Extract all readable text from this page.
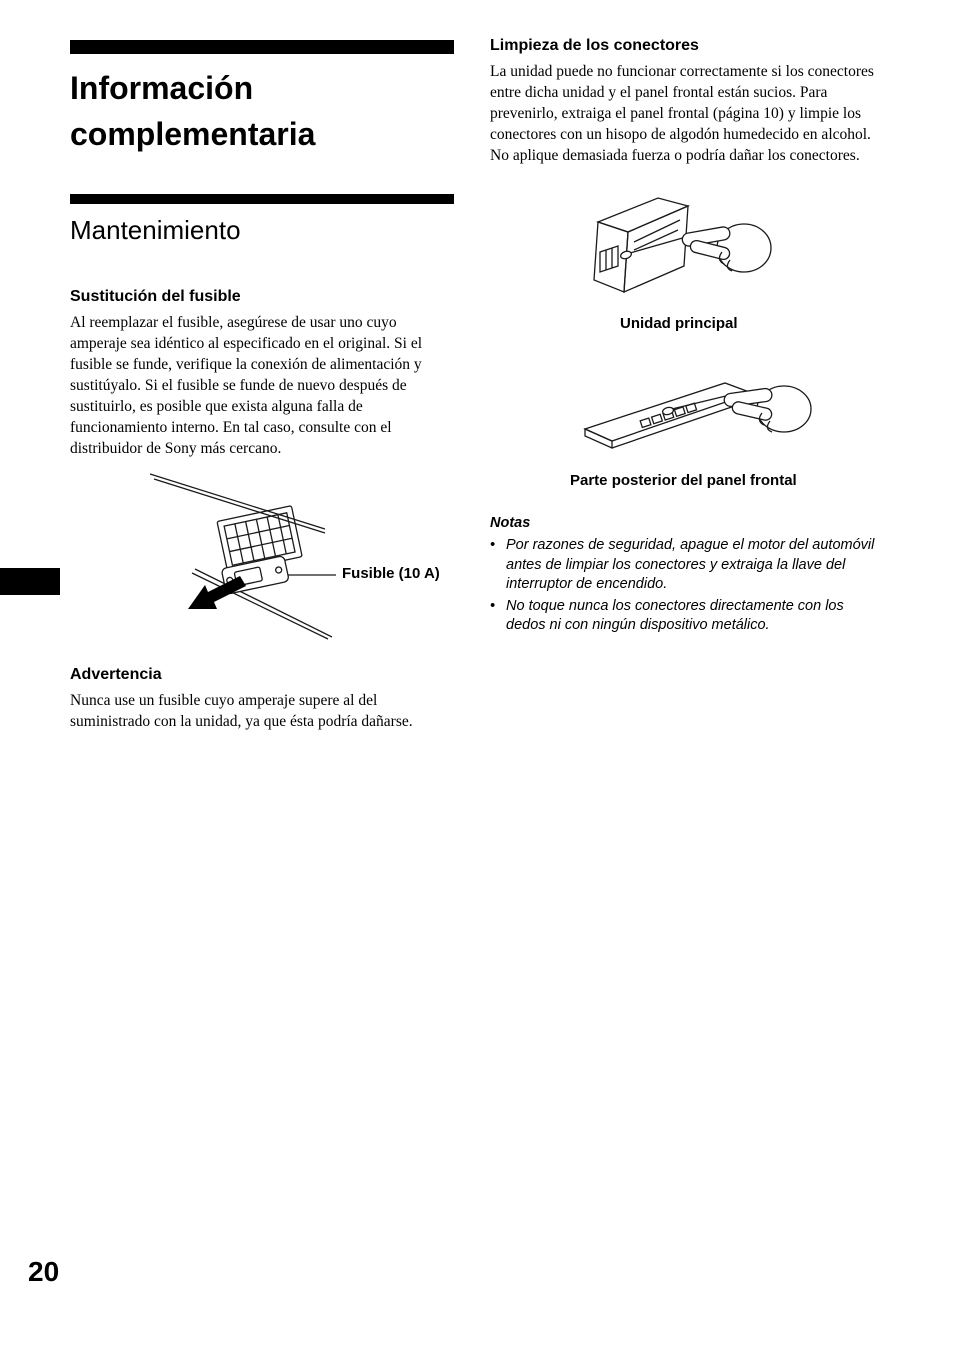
Información
complementaria
Mantenimiento
Sustitución del fusible

Al reemplazar el fusible, asegúrese de usar uno cuyo amperaje sea idéntico al especificado en el original. Si el fusible se funde, verifique la conexión de alimentación y sustitúyalo. Si el fusible se funde de nuevo después de sustituirlo, es posible que exista alguna falla de funcionamiento interno. En tal caso, consulte con el distribuidor de Sony más cercano.

Fusible (10 A)
Advertencia

Nunca use un fusible cuyo amperaje supere al del suministrado con la unidad, ya que ésta podría dañarse.

Limpieza de los conectores

La unidad puede no funcionar correctamente si los conectores entre dicha unidad y el panel frontal están sucios. Para prevenirlo, extraiga el panel frontal (página 10) y limpie los conectores con un hisopo de algodón humedecido en alcohol. No aplique demasiada fuerza o podría dañar los conectores.

Unidad principal
Parte posterior del panel frontal
Notas
• Por razones de seguridad, apague el motor del automóvil antes de limpiar los conectores y extraiga la llave del interruptor de encendido.
• No toque nunca los conectores directamente con los dedos ni con ningún dispositivo metálico.
20
